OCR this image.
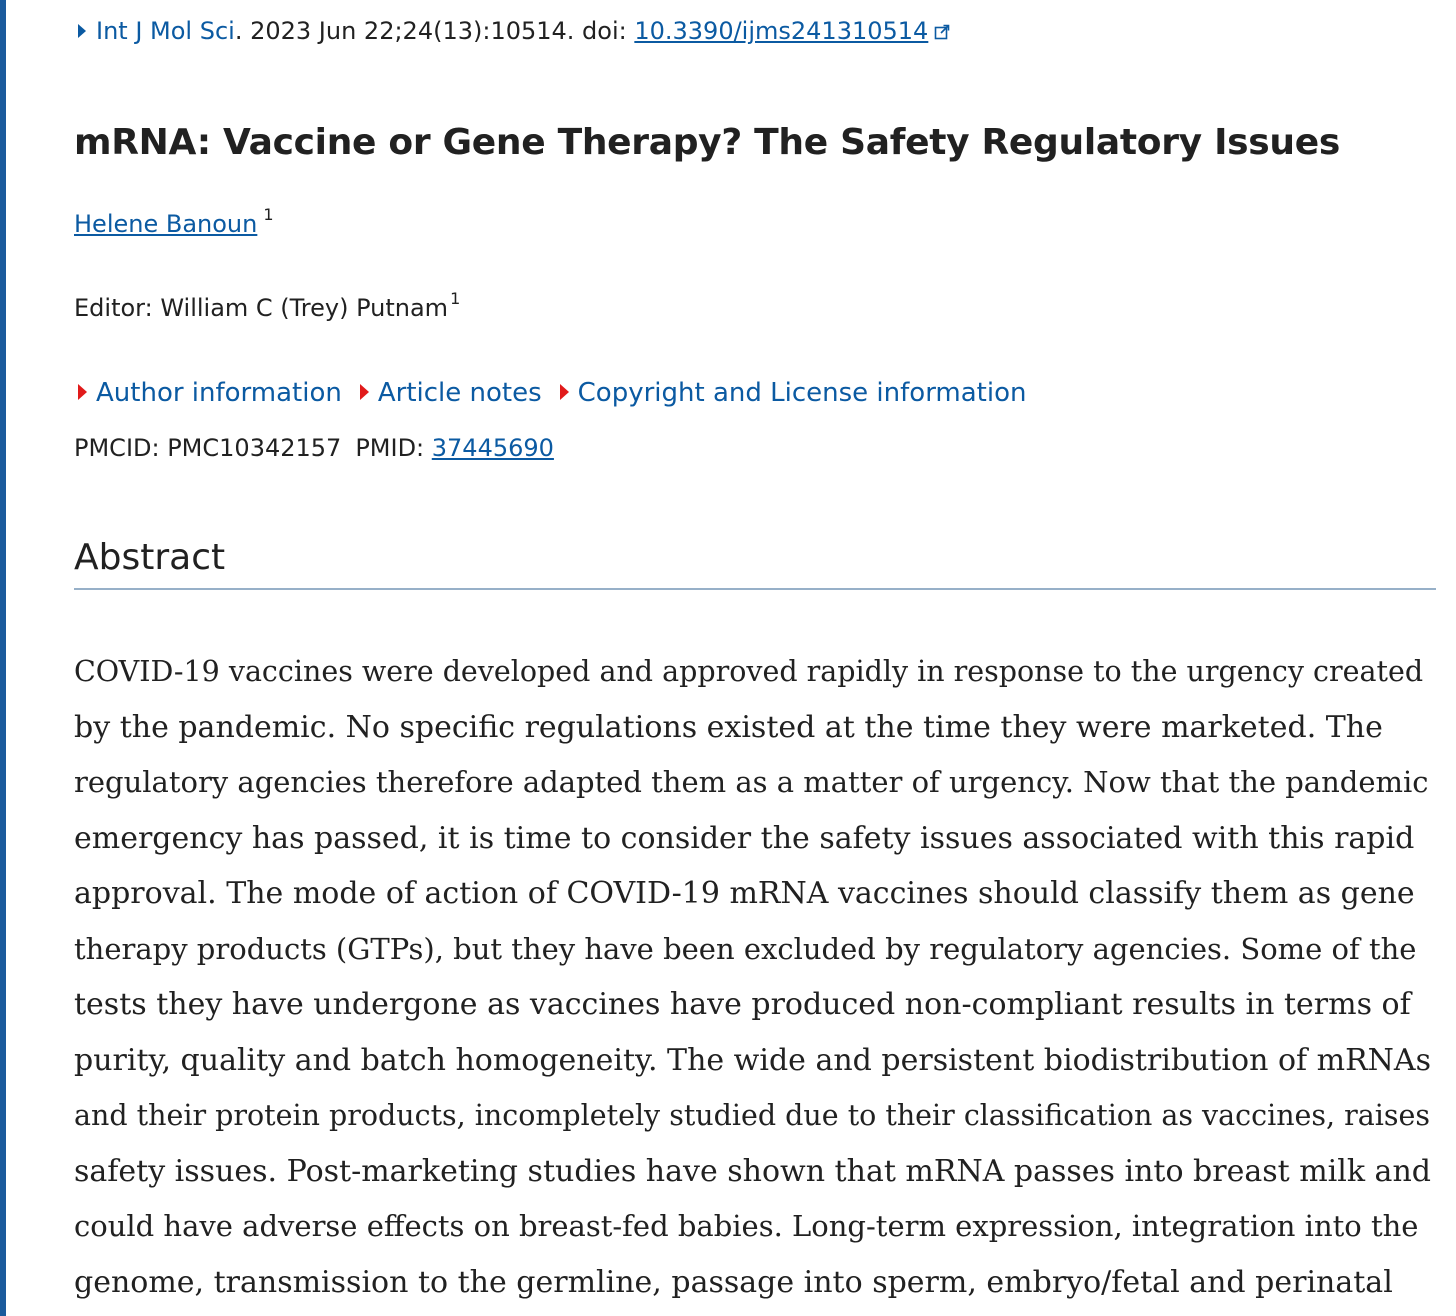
Int J Mol Sci. 2023 Jun 22;24(13):10514. doi: 10.3390/ijms241310514
mRNA: Vaccine or Gene Therapy? The Safety Regulatory Issues
Helene Banoun $^1$
Editor: William C (Trey) Putnam $^1$
Author information Article notes Copyright and License information
PMCID: PMC10342157 PMID: 37445690
Abstract

COVID-19 vaccines were developed and approved rapidly in response to the urgency created
by the pandemic. No specific regulations existed at the time they were marketed. The
regulatory agencies therefore adapted them as a matter of urgency. Now that the pandemic
emergency has passed, it is time to consider the safety issues associated with this rapid
approval. The mode of action of COVID-19 mRNA vaccines should classify them as gene
therapy products (GTPs), but they have been excluded by regulatory agencies. Some of the
tests they have undergone as vaccines have produced non-compliant results in terms of
purity, quality and batch homogeneity. The wide and persistent biodistribution of mRNAs
and their protein products, incompletely studied due to their classification as vaccines, raises
safety issues. Post-marketing studies have shown that mRNA passes into breast milk and
could have adverse effects on breast-fed babies. Long-term expression, integration into the
genome, transmission to the germline, passage into sperm, embryo/fetal and perinatal
